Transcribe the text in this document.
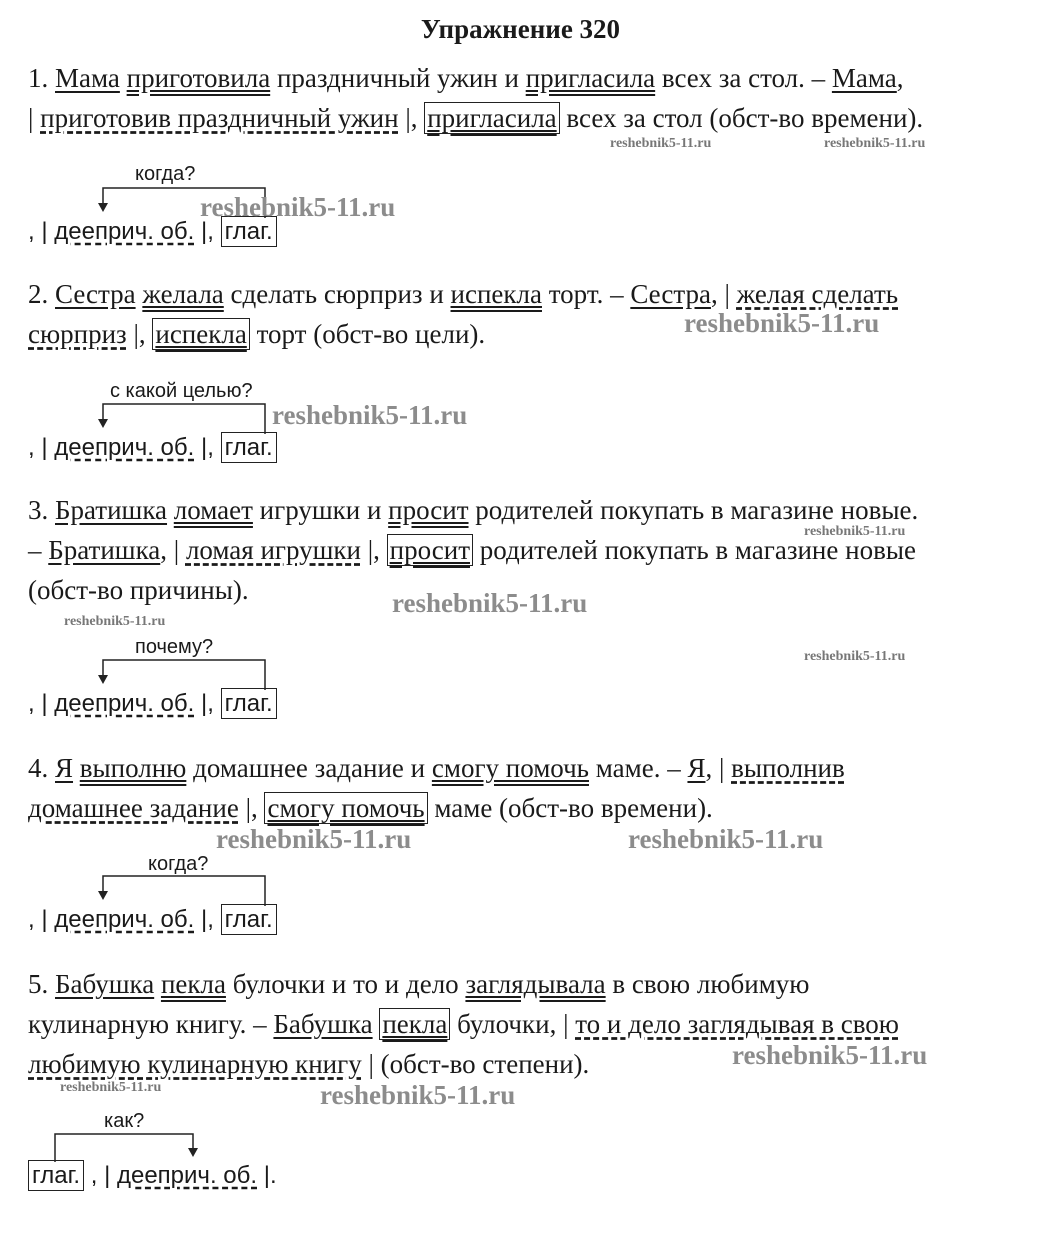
Упражнение 320
1. Мама приготовила праздничный ужин и пригласила всех за стол. – Мама,
| приготовив праздничный ужин |, пригласила всех за стол (обст-во времени).
2. Сестра желала сделать сюрприз и испекла торт. – Сестра, | желая сделать
сюрприз |, испекла торт (обст-во цели).
3. Братишка ломает игрушки и просит родителей покупать в магазине новые.
– Братишка, | ломая игрушки |, просит родителей покупать в магазине новые
(обст-во причины).
4. Я выполню домашнее задание и смогу помочь маме. – Я, | выполнив
домашнее задание |, смогу помочь маме (обст-во времени).
5. Бабушка пекла булочки и то и дело заглядывала в свою любимую
кулинарную книгу. – Бабушка пекла булочки, | то и дело заглядывая в свою
любимую кулинарную книгу | (обст-во степени).
когда?
с какой целью?
почему?
когда?
как?
, | дееприч. об. |, глаг.
, | дееприч. об. |, глаг.
, | дееприч. об. |, глаг.
, | дееприч. об. |, глаг.
глаг. , | дееприч. об. |.
reshebnik5-11.ru	reshebnik5-11.ru
reshebnik5-11.ru
reshebnik5-11.ru
reshebnik5-11.ru
reshebnik5-11.ru
reshebnik5-11.ru
reshebnik5-11.ru
reshebnik5-11.ru
reshebnik5-11.ru	reshebnik5-11.ru
reshebnik5-11.ru
reshebnik5-11.ru	reshebnik5-11.ru
